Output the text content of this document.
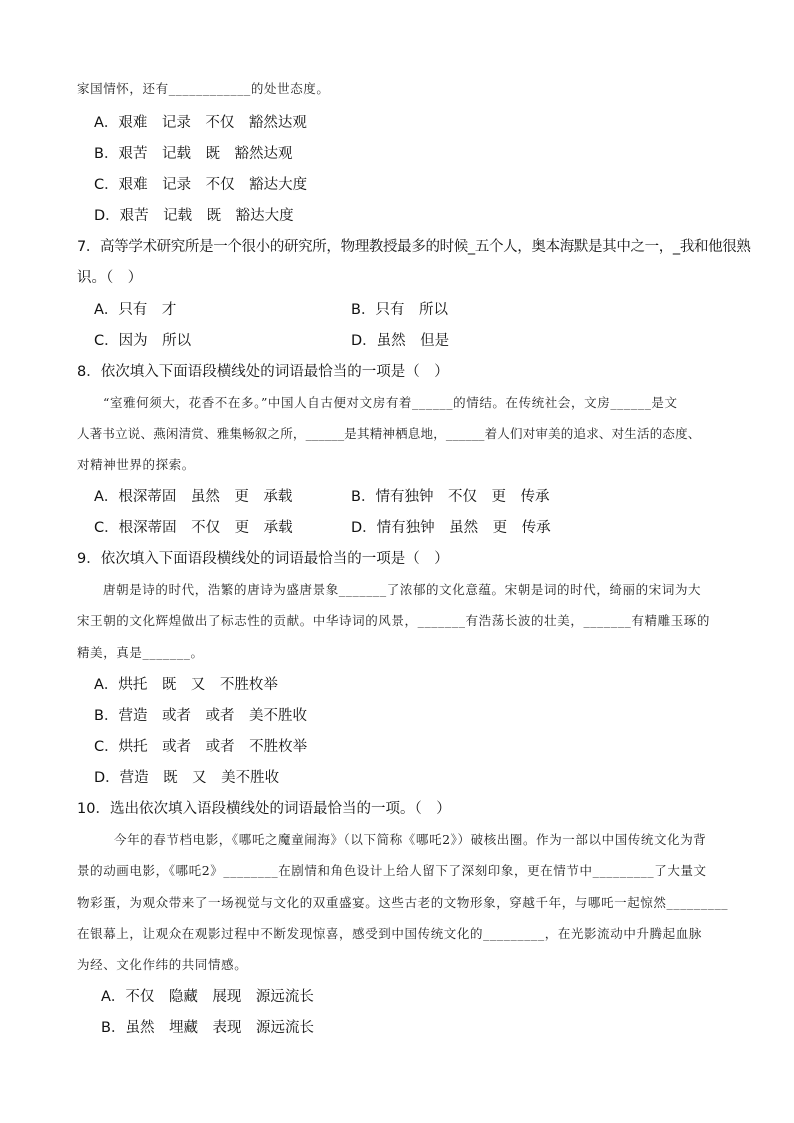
家国情怀，还有____________的处世态度。
A．艰难　记录　不仅　豁然达观
B．艰苦　记载　既　豁然达观
C．艰难　记录　不仅　豁达大度
D．艰苦　记载　既　豁达大度
7．高等学术研究所是一个很小的研究所，物理教授最多的时候_五个人，奥本海默是其中之一，_我和他很熟
识。（　）
A．只有　才	B．只有　所以
C．因为　所以	D．虽然　但是
8．依次填入下面语段横线处的词语最恰当的一项是（　）
“室雅何须大，花香不在多。”中国人自古便对文房有着______的情结。在传统社会，文房______是文
人著书立说、燕闲清赏、雅集畅叙之所，______是其精神栖息地，______着人们对审美的追求、对生活的态度、
对精神世界的探索。
A．根深蒂固　虽然　更　承载	B．情有独钟　不仅　更　传承
C．根深蒂固　不仅　更　承载	D．情有独钟　虽然　更　传承
9．依次填入下面语段横线处的词语最恰当的一项是（　）
唐朝是诗的时代，浩繁的唐诗为盛唐景象_______了浓郁的文化意蕴。宋朝是词的时代，绮丽的宋词为大
宋王朝的文化辉煌做出了标志性的贡献。中华诗词的风景，_______有浩荡长波的壮美，_______有精雕玉琢的
精美，真是_______。
A．烘托　既　又　不胜枚举
B．营造　或者　或者　美不胜收
C．烘托　或者　或者　不胜枚举
D．营造　既　又　美不胜收
10．选出依次填入语段横线处的词语最恰当的一项。（　）
今年的春节档电影，《哪吒之魔童闹海》（以下简称《哪吒2》）破核出圈。作为一部以中国传统文化为背
景的动画电影，《哪吒2》________在剧情和角色设计上给人留下了深刻印象，更在情节中_________了大量文
物彩蛋，为观众带来了一场视觉与文化的双重盛宴。这些古老的文物形象，穿越千年，与哪吒一起惊然_________
在银幕上，让观众在观影过程中不断发现惊喜，感受到中国传统文化的_________，在光影流动中升腾起血脉
为经、文化作纬的共同情感。
A．不仅　隐藏　展现　源远流长
B．虽然　埋藏　表现　源远流长
